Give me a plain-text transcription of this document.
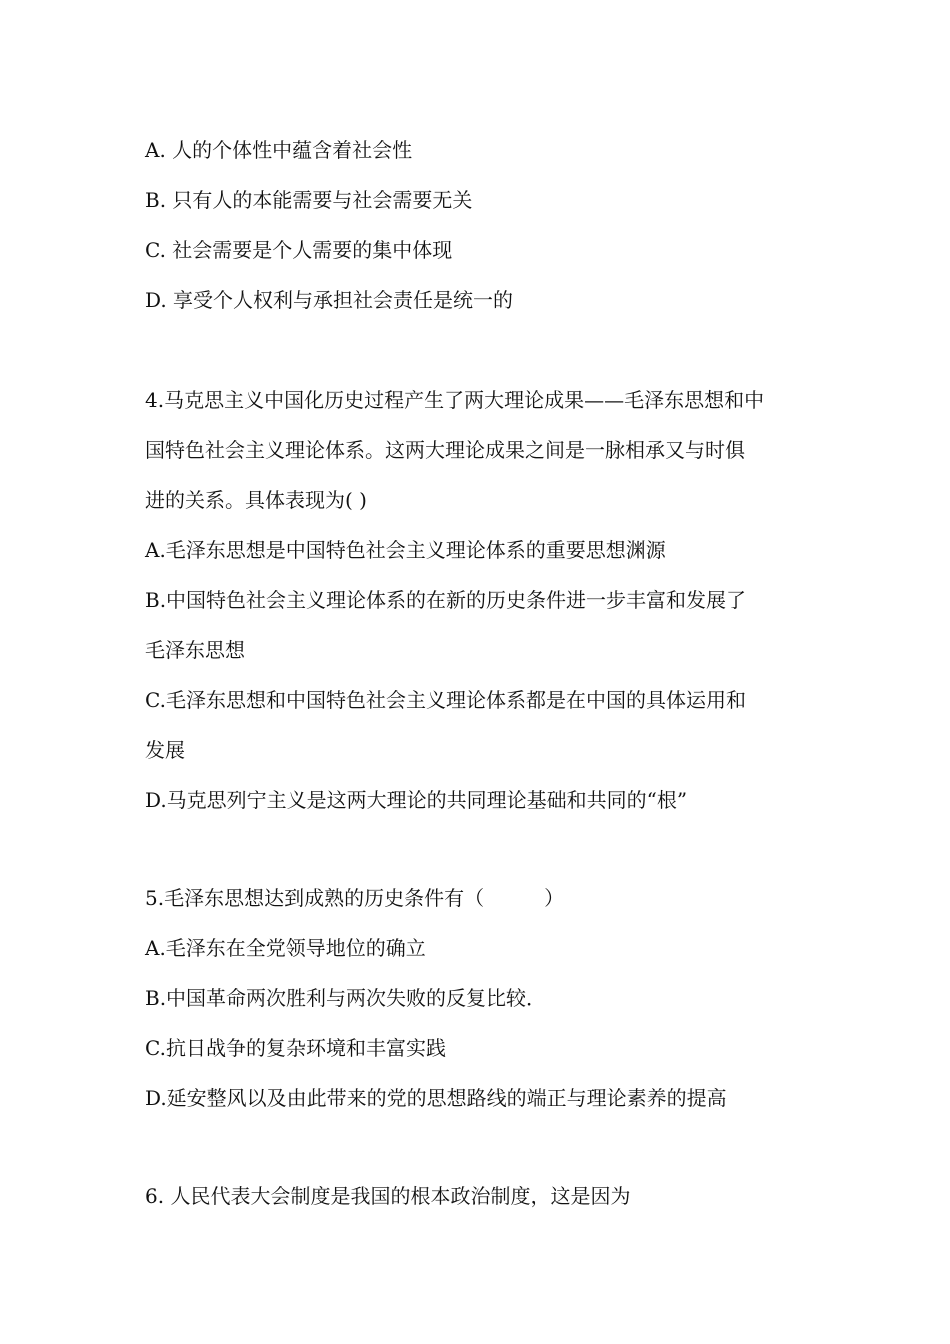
A. 人的个体性中蕴含着社会性
B. 只有人的本能需要与社会需要无关
C. 社会需要是个人需要的集中体现
D. 享受个人权利与承担社会责任是统一的
4.马克思主义中国化历史过程产生了两大理论成果——毛泽东思想和中
国特色社会主义理论体系。这两大理论成果之间是一脉相承又与时俱
进的关系。具体表现为( )
A.毛泽东思想是中国特色社会主义理论体系的重要思想渊源
B.中国特色社会主义理论体系的在新的历史条件进一步丰富和发展了
毛泽东思想
C.毛泽东思想和中国特色社会主义理论体系都是在中国的具体运用和
发展
D.马克思列宁主义是这两大理论的共同理论基础和共同的“根”
5.毛泽东思想达到成熟的历史条件有（　　　）
A.毛泽东在全党领导地位的确立
B.中国革命两次胜利与两次失败的反复比较．
C.抗日战争的复杂环境和丰富实践
D.延安整风以及由此带来的党的思想路线的端正与理论素养的提高
6. 人民代表大会制度是我国的根本政治制度，这是因为
